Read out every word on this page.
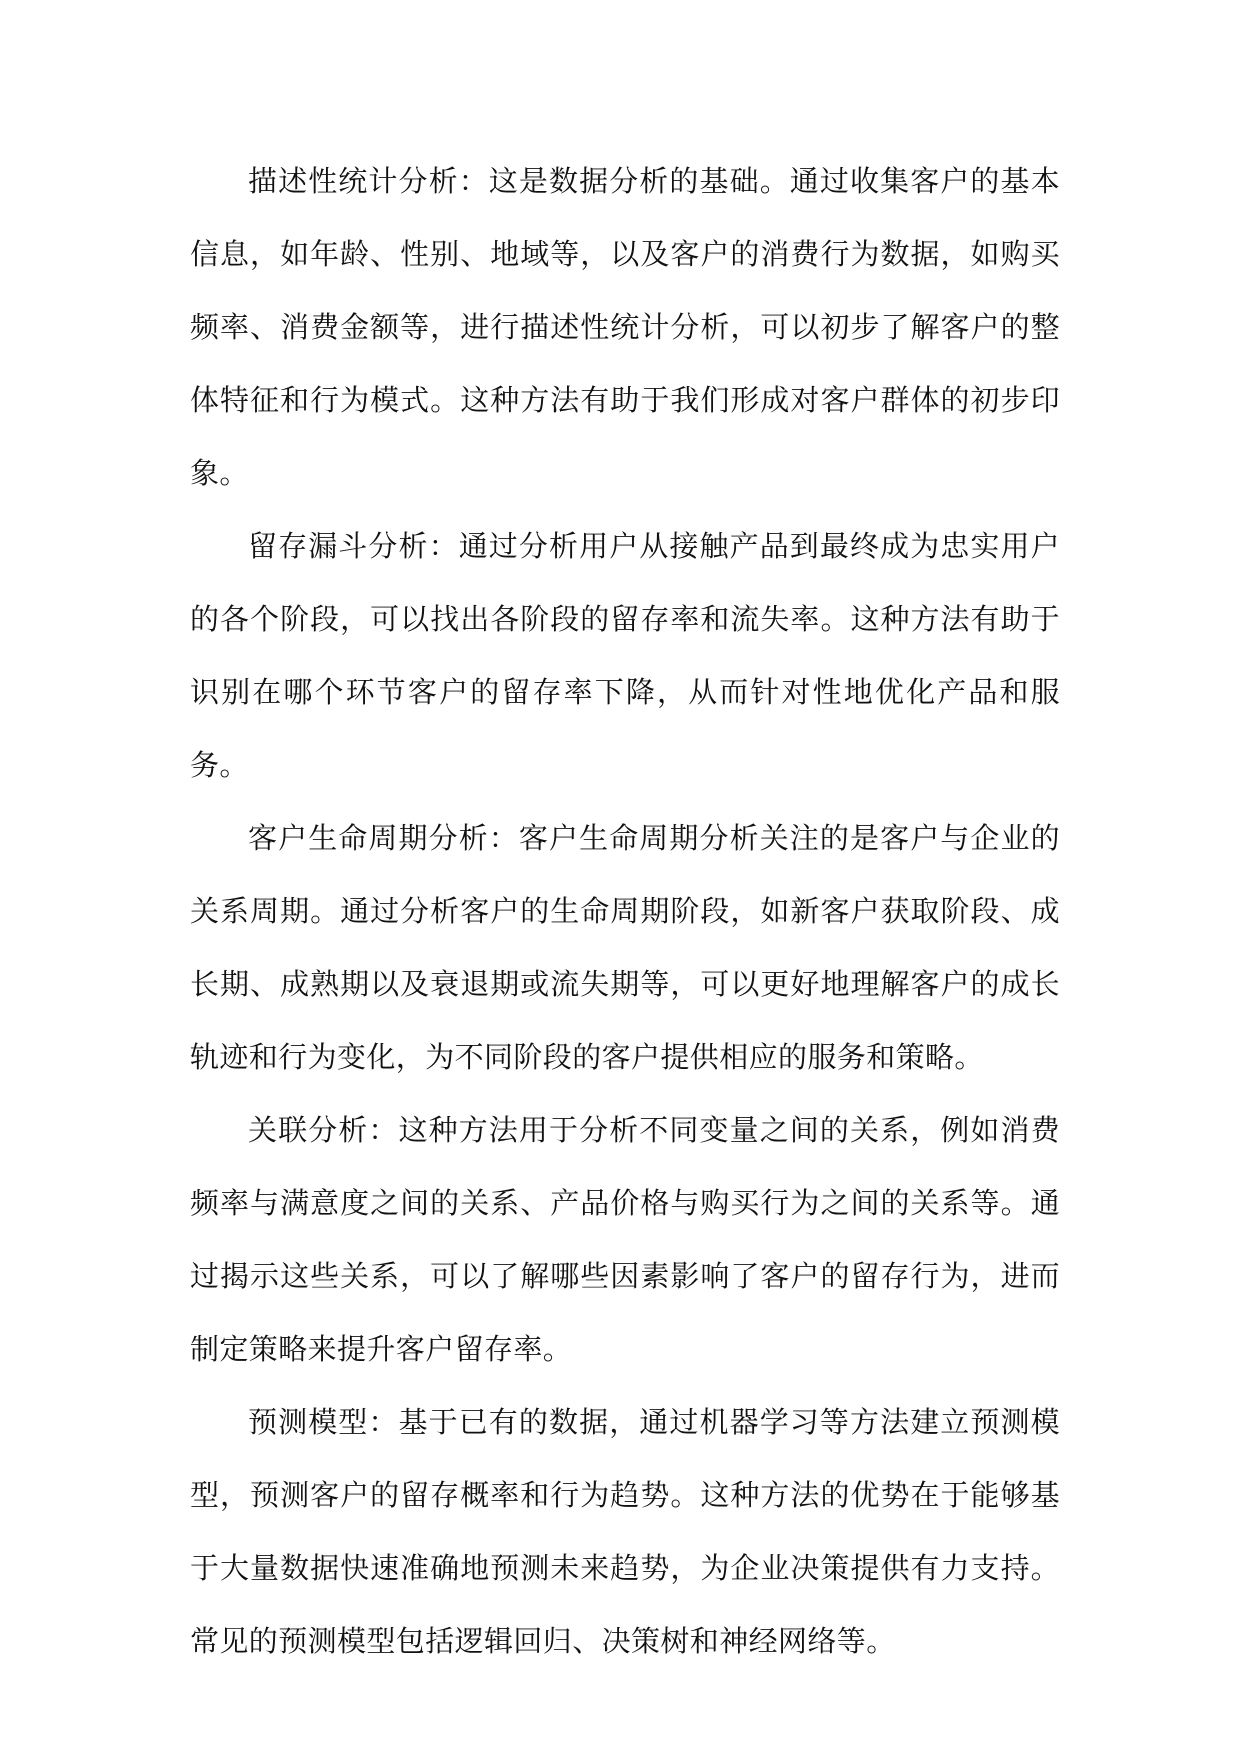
描述性统计分析：这是数据分析的基础。通过收集客户的基本信息，如年龄、性别、地域等，以及客户的消费行为数据，如购买频率、消费金额等，进行描述性统计分析，可以初步了解客户的整体特征和行为模式。这种方法有助于我们形成对客户群体的初步印象。

留存漏斗分析：通过分析用户从接触产品到最终成为忠实用户的各个阶段，可以找出各阶段的留存率和流失率。这种方法有助于识别在哪个环节客户的留存率下降，从而针对性地优化产品和服务。

客户生命周期分析：客户生命周期分析关注的是客户与企业的关系周期。通过分析客户的生命周期阶段，如新客户获取阶段、成长期、成熟期以及衰退期或流失期等，可以更好地理解客户的成长轨迹和行为变化，为不同阶段的客户提供相应的服务和策略。

关联分析：这种方法用于分析不同变量之间的关系，例如消费频率与满意度之间的关系、产品价格与购买行为之间的关系等。通过揭示这些关系，可以了解哪些因素影响了客户的留存行为，进而制定策略来提升客户留存率。

预测模型：基于已有的数据，通过机器学习等方法建立预测模型，预测客户的留存概率和行为趋势。这种方法的优势在于能够基于大量数据快速准确地预测未来趋势，为企业决策提供有力支持。常见的预测模型包括逻辑回归、决策树和神经网络等。
